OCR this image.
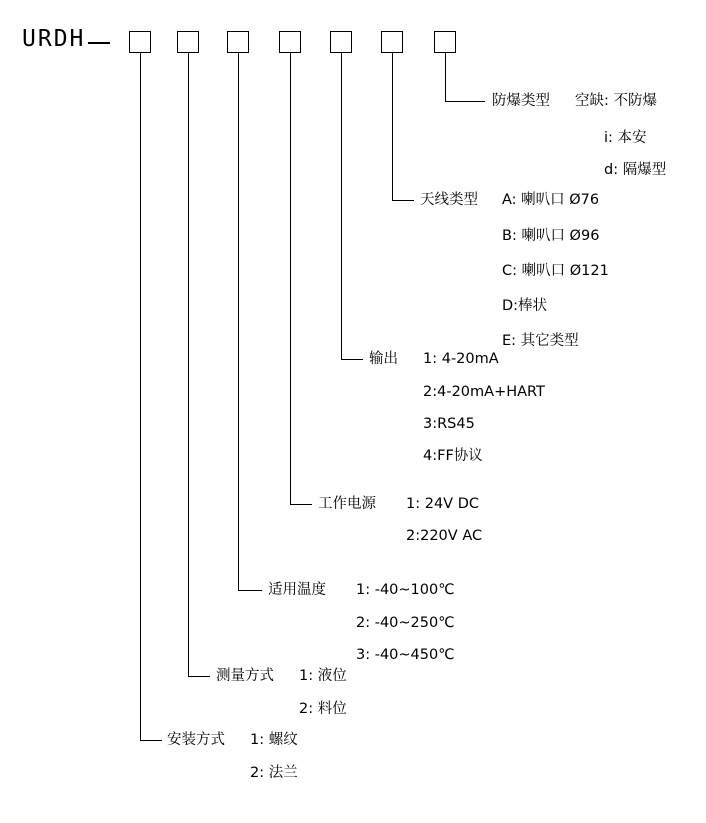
URDH
防爆类型 空缺: 不防爆
i: 本安
d: 隔爆型
天线类型 A: 喇叭口 Ø76
B: 喇叭口 Ø96
C: 喇叭口 Ø121
D:棒状
E: 其它类型
输出 1: 4-20mA
2:4-20mA+HART
3:RS45
4:FF协议
工作电源 1: 24V DC
2:220V AC
适用温度 1: -40~100℃
2: -40~250℃
3: -40~450℃
测量方式 1: 液位
2: 料位
安装方式 1: 螺纹
2: 法兰
